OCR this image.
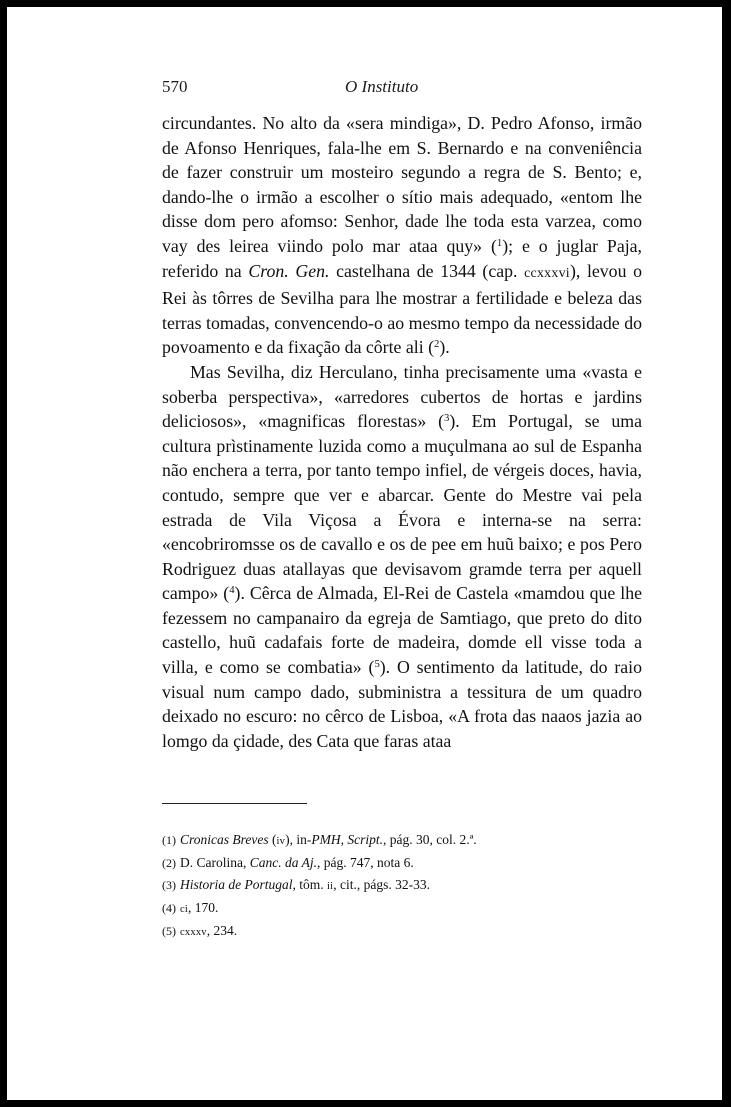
570	O Instituto

circundantes. No alto da «sera mindiga», D. Pedro Afonso, irmão de Afonso Henriques, fala-lhe em S. Bernardo e na conveniência de fazer construir um mosteiro segundo a regra de S. Bento; e, dando-lhe o irmão a escolher o sítio mais adequado, «entom lhe disse dom pero afomso: Senhor, dade lhe toda esta varzea, como vay des leirea viindo polo mar ataa quy» ($^1$); e o juglar Paja, referido na Cron. Gen. castelhana de 1344 (cap. ccxxxvi), levou o Rei às tôrres de Sevilha para lhe mostrar a fertilidade e beleza das terras tomadas, convencendo-o ao mesmo tempo da necessidade do povoamento e da fixação da côrte ali ($^2$).

Mas Sevilha, diz Herculano, tinha precisamente uma «vasta e soberba perspectiva», «arredores cubertos de hortas e jardins deliciosos», «magnificas florestas» ($^3$). Em Portugal, se uma cultura prìstinamente luzida como a muçulmana ao sul de Espanha não enchera a terra, por tanto tempo infiel, de vérgeis doces, havia, contudo, sempre que ver e abarcar. Gente do Mestre vai pela estrada de Vila Viçosa a Évora e interna-se na serra: «encobriromsse os de cavallo e os de pee em huũ baixo; e pos Pero Rodriguez duas atallayas que devisavom gramde terra per aquell campo» ($^4$). Cêrca de Almada, El-Rei de Castela «mamdou que lhe fezessem no campanairo da egreja de Samtiago, que preto do dito castello, huũ cadafais forte de madeira, domde ell visse toda a villa, e como se combatia» ($^5$). O sentimento da latitude, do raio visual num campo dado, subministra a tessitura de um quadro deixado no escuro: no cêrco de Lisboa, «A frota das naaos jazia ao lomgo da çidade, des Cata que faras ataa

(1) Cronicas Breves (iv), in-PMH, Script., pág. 30, col. 2.ª.
(2) D. Carolina, Canc. da Aj., pág. 747, nota 6.
(3) Historia de Portugal, tôm. ii, cit., págs. 32-33.
(4) ci, 170.
(5) cxxxv, 234.
